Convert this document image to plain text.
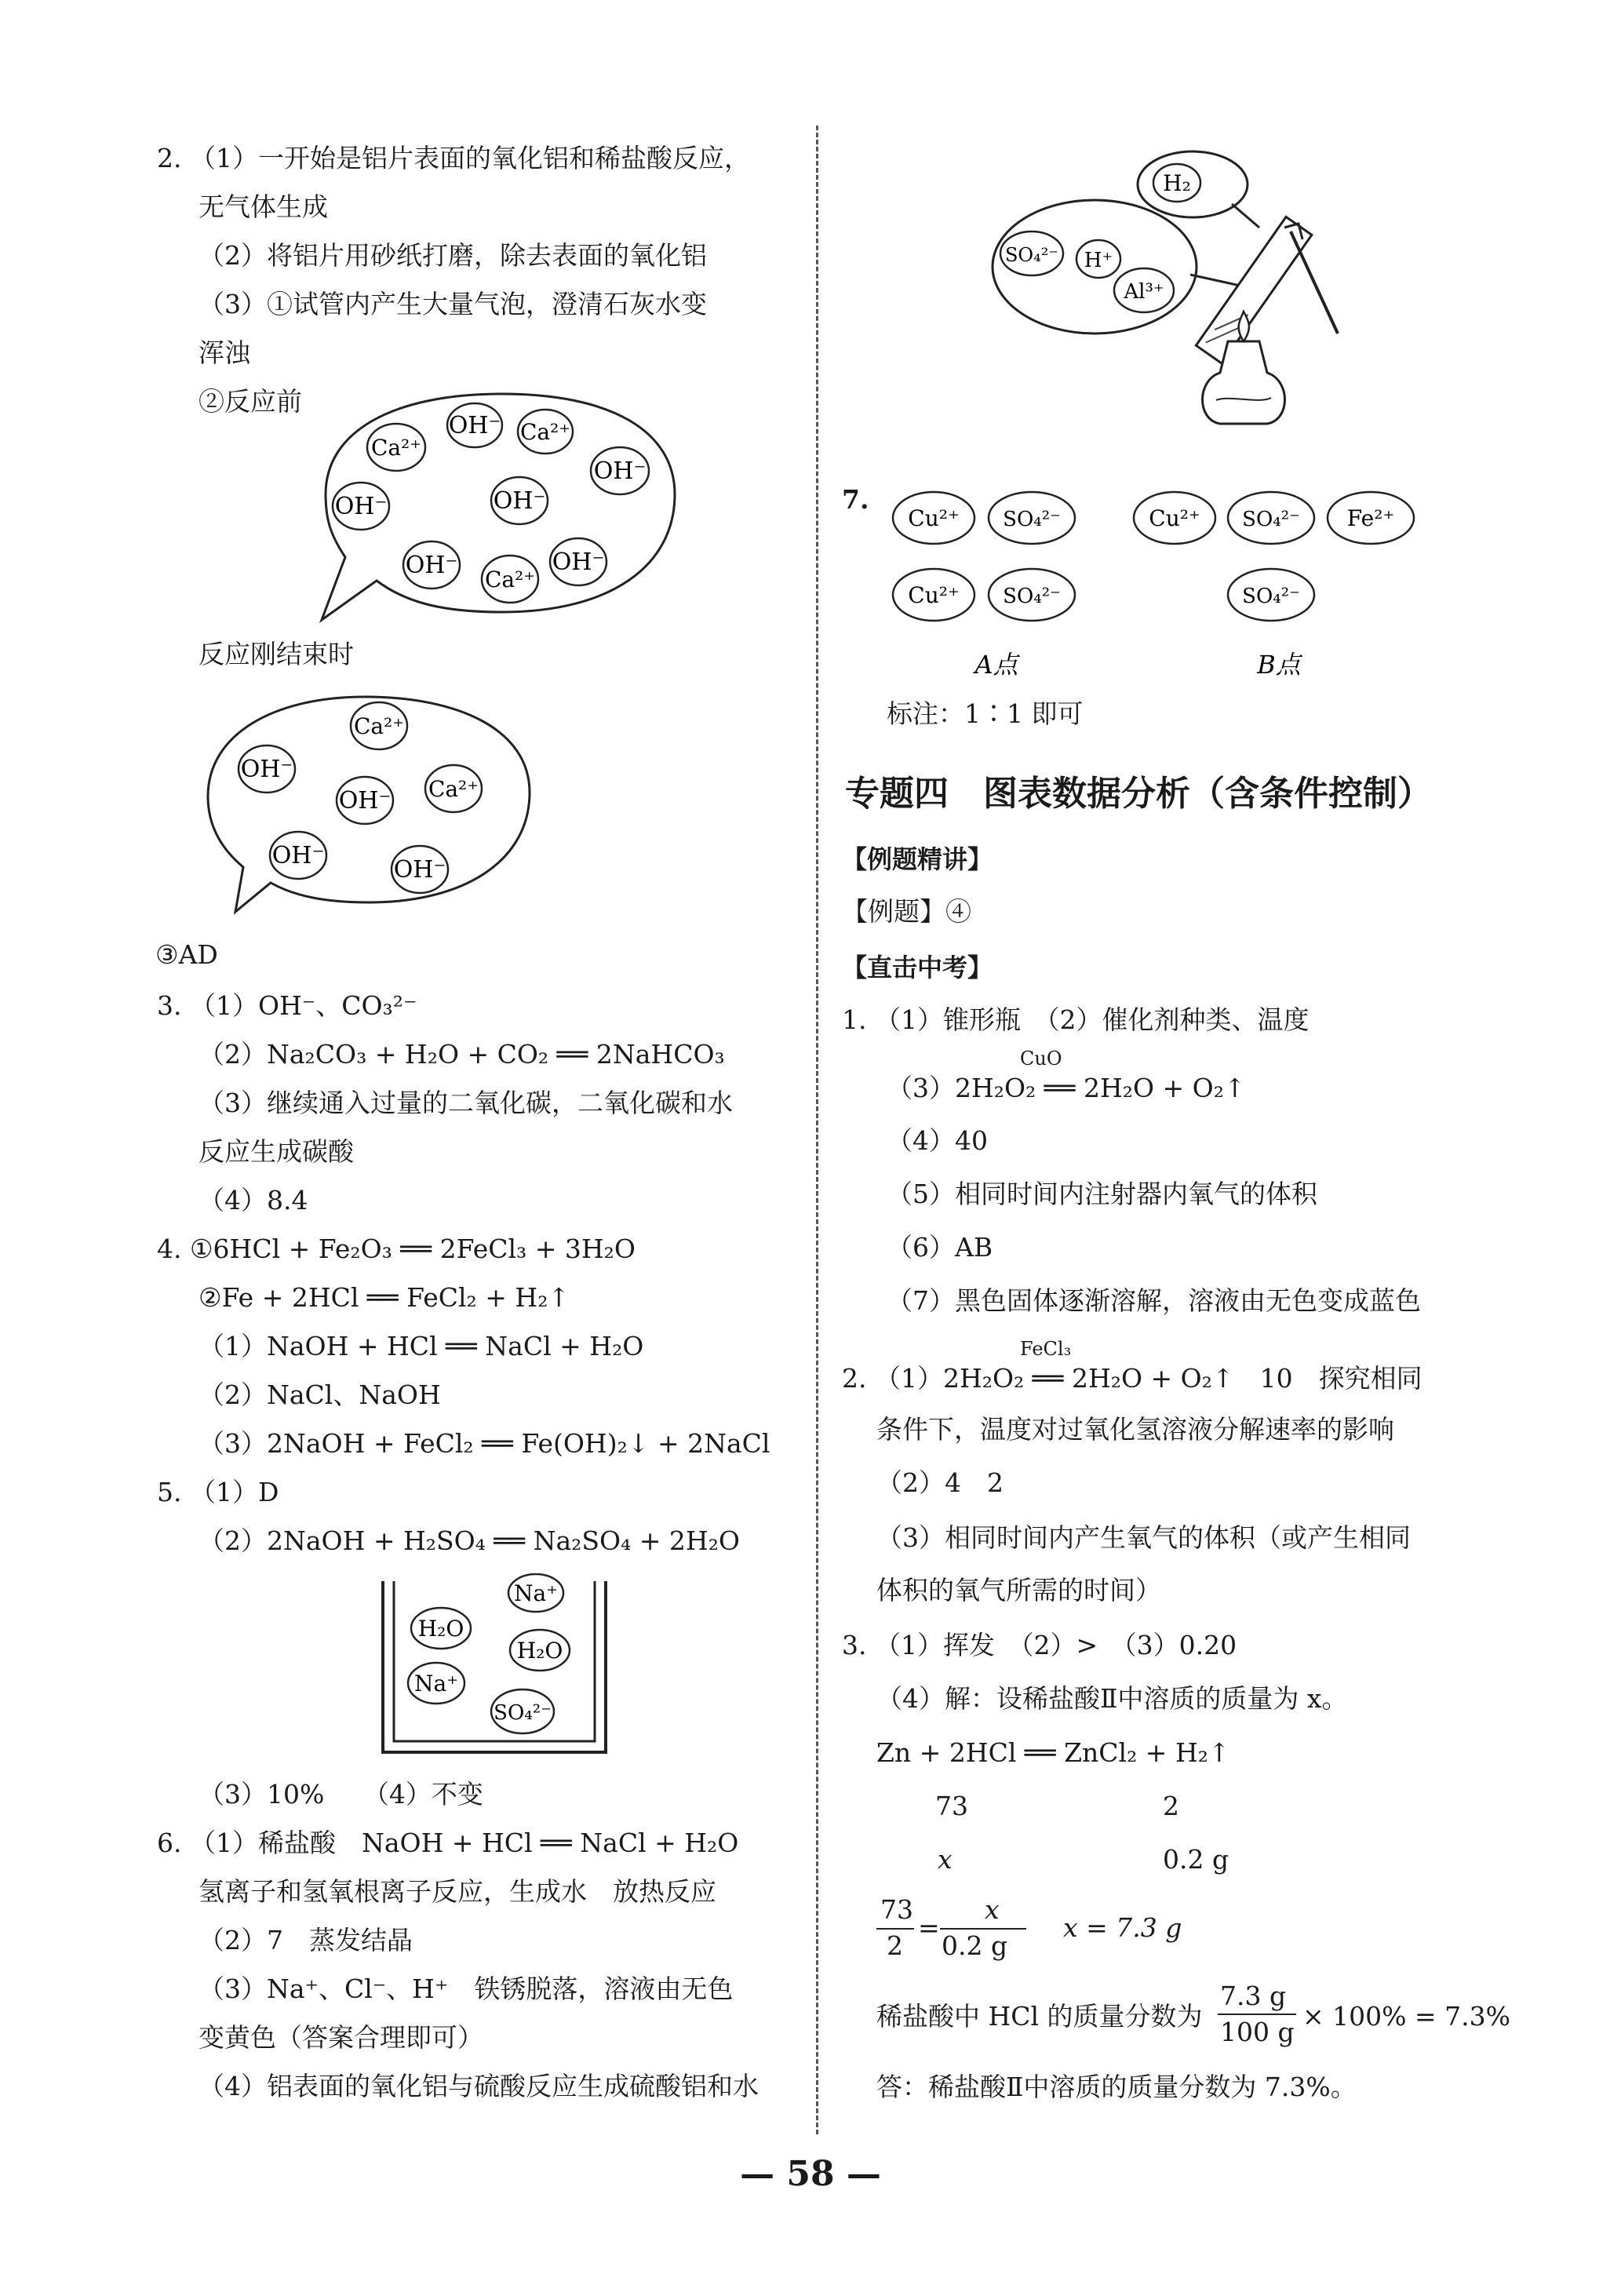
2. （1）一开始是铝片表面的氧化铝和稀盐酸反应，
无气体生成
（2）将铝片用砂纸打磨，除去表面的氧化铝
（3）①试管内产生大量气泡，澄清石灰水变
浑浊
②反应前
OH⁻ Ca²⁺
Ca²⁺
OH⁻
OH⁻
OH⁻
OH⁻
Ca²⁺
OH⁻
反应刚结束时
Ca²⁺
OH⁻
OH⁻ Ca²⁺
OH⁻
OH⁻
③AD
3. （1）OH⁻、CO₃²⁻
（2）Na₂CO₃ + H₂O + CO₂ ══ 2NaHCO₃
（3）继续通入过量的二氧化碳，二氧化碳和水
反应生成碳酸
（4）8.4
4. ①6HCl + Fe₂O₃ ══ 2FeCl₃ + 3H₂O
②Fe + 2HCl ══ FeCl₂ + H₂↑
（1）NaOH + HCl ══ NaCl + H₂O
（2）NaCl、NaOH
（3）2NaOH + FeCl₂ ══ Fe(OH)₂↓ + 2NaCl
5. （1）D
（2）2NaOH + H₂SO₄ ══ Na₂SO₄ + 2H₂O
Na⁺
H₂O
H₂O
Na⁺
SO₄²⁻
（3）10%　　（4）不变
6. （1）稀盐酸　NaOH + HCl ══ NaCl + H₂O
氢离子和氢氧根离子反应，生成水　放热反应
（2）7　蒸发结晶
（3）Na⁺、Cl⁻、H⁺　铁锈脱落，溶液由无色
变黄色（答案合理即可）
（4）铝表面的氧化铝与硫酸反应生成硫酸铝和水
H₂
SO₄²⁻ H⁺
Al³⁺
7.
Cu²⁺ SO₄²⁻
Cu²⁺ SO₄²⁻
Cu²⁺ SO₄²⁻ Fe²⁺
SO₄²⁻
A点	B点
标注：1∶1 即可
专题四　图表数据分析（含条件控制）
【例题精讲】
【例题】④
【直击中考】
1. （1）锥形瓶　（2）催化剂种类、温度
CuO
（3）2H₂O₂ ══ 2H₂O + O₂↑
（4）40
（5）相同时间内注射器内氧气的体积
（6）AB
（7）黑色固体逐渐溶解，溶液由无色变成蓝色
FeCl₃
2. （1）2H₂O₂ ══ 2H₂O + O₂↑　10　探究相同
条件下，温度对过氧化氢溶液分解速率的影响
（2）4　2
（3）相同时间内产生氧气的体积（或产生相同
体积的氧气所需的时间）
3. （1）挥发　（2）>　（3）0.20
（4）解：设稀盐酸Ⅱ中溶质的质量为 x。
Zn + 2HCl ══ ZnCl₂ + H₂↑
73	2
x	0.2 g
73
2
=
x
0.2 g
x = 7.3 g
稀盐酸中 HCl 的质量分数为
7.3 g
100 g
× 100% = 7.3%
答：稀盐酸Ⅱ中溶质的质量分数为 7.3%。
— 58 —
